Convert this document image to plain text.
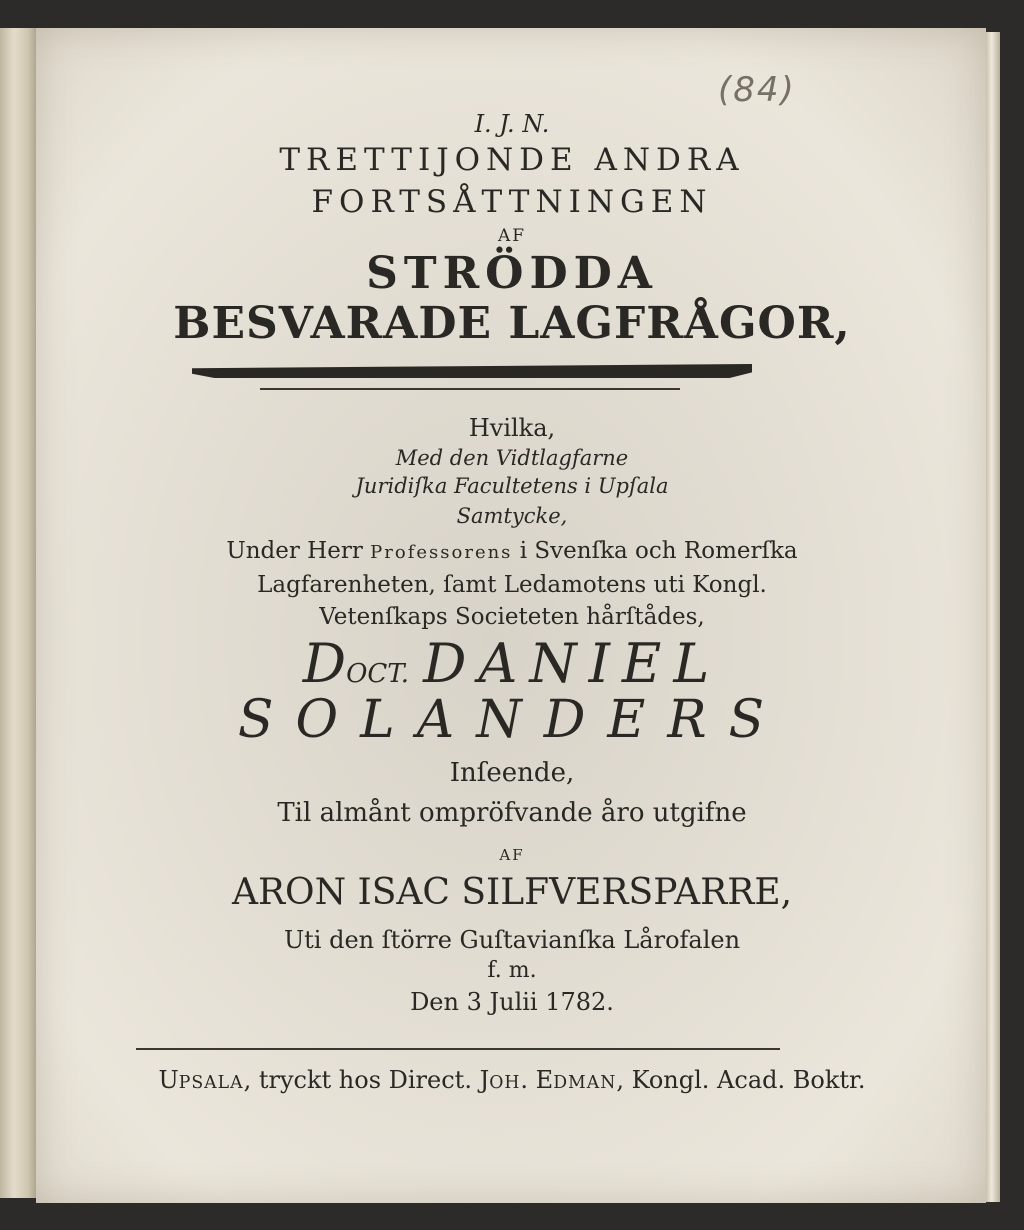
(84)

I. J. N.

TRETTIJONDE ANDRA

FORTSÅTTNINGEN

AF

STRÖDDA

BESVARADE LAGFRÅGOR,

Hvilka,

Med den Vidtlagfarne

Juridiſka Facultetens i Upſala

Samtycke,

Under Herr Professorens i Svenſka och Romerſka

Lagfarenheten, ſamt Ledamotens uti Kongl.

Vetenſkaps Societeten hårſtådes,

DOCT. DANIEL

SOLANDERS

Inſeende,

Til almånt ompröfvande åro utgifne

AF

ARON ISAC SILFVERSPARRE,

Uti den ſtörre Guſtavianſka Lårofalen

f. m.

Den 3 Julii 1782.

UPSALA, tryckt hos Direct. JOH. EDMAN, Kongl. Acad. Boktr.
